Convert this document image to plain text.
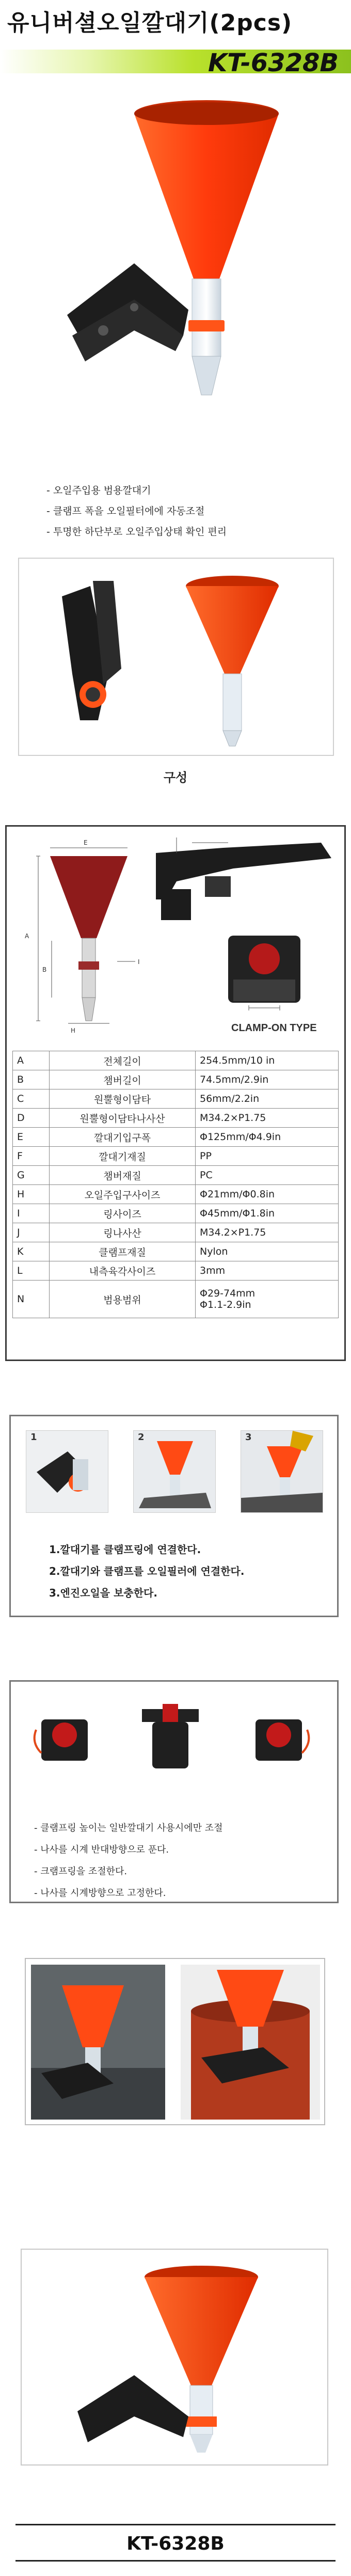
유니버셜오일깔대기(2pcs)
KT-6328B
- 오일주입용 범용깔대기
- 클램프 폭을 오일필터에에 자동조절
- 투명한 하단부로 오일주입상태 확인 편리
구성
A
B
E
I
H	CLAMP-ON TYPE
A	전체길이	254.5mm/10 in
B	챔버길이	74.5mm/2.9in
C	원뿔형이담타	56mm/2.2in
D	원뿔형이담타나사산	M34.2×P1.75
E	깔대기입구폭	Φ125mm/Φ4.9in
F	깔대기재질	PP
G	챔버재질	PC
H	오일주입구사이즈	Φ21mm/Φ0.8in
I	링사이즈	Φ45mm/Φ1.8in
J	링나사산	M34.2×P1.75
K	클램프재질	Nylon
L	내측육각사이즈	3mm
N	범용범위	Φ29-74mm
Φ1.1-2.9in
1	2	3
1.깔대기를 클램프링에 연결한다.
2.깔대기와 클램프를 오일필러에 연결한다.
3.엔진오일을 보충한다.
- 클램프링 높이는 일반깔대기 사용시에만 조절
- 나사를 시계 반대방향으로 푼다.
- 크램프링을 조절한다.
- 나사를 시계방향으로 고정한다.
KT-6328B
